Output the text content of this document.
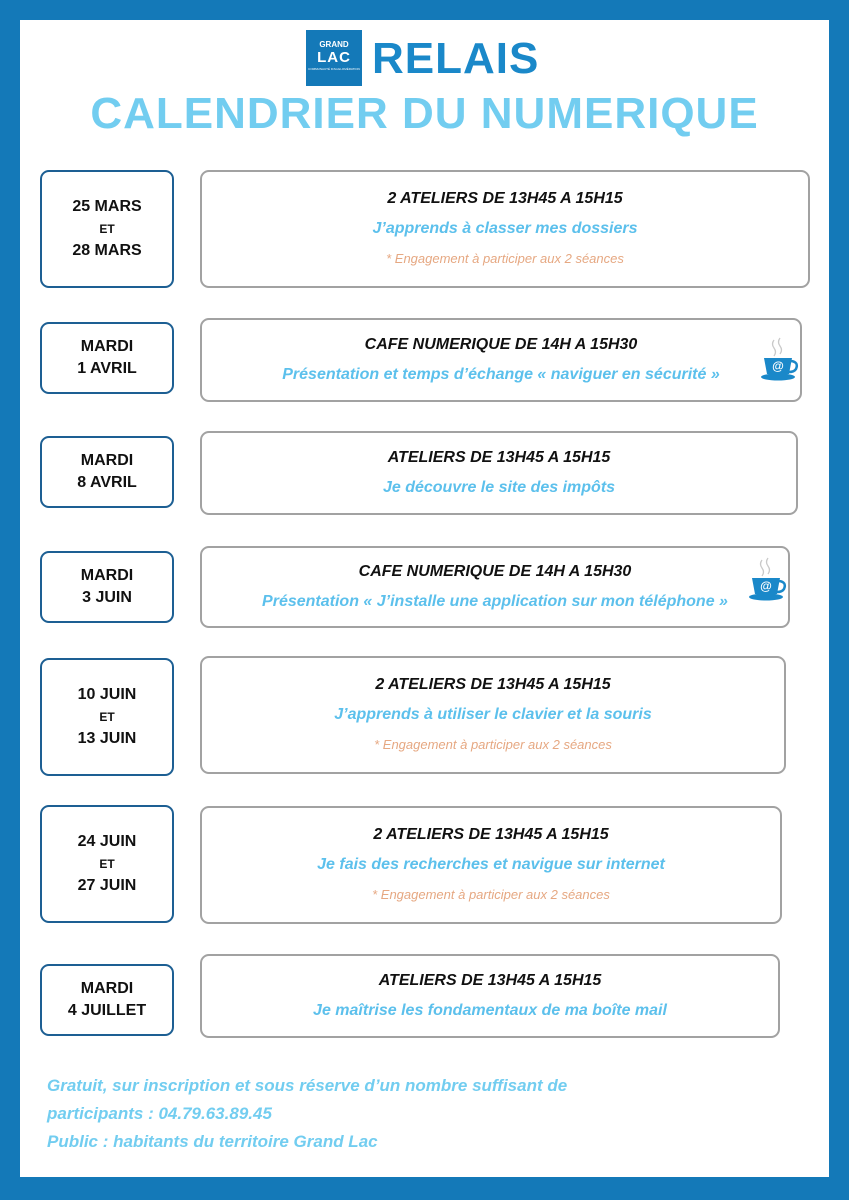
GRAND
LAC
COMMUNAUTÉ D'AGGLOMÉRATION RELAIS
CALENDRIER DU NUMERIQUE
25 MARS
ET
28 MARS
2 ATELIERS DE 13H45 A 15H15
J’apprends à classer mes dossiers
* Engagement à participer aux 2 séances
MARDI
1 AVRIL
CAFE NUMERIQUE DE 14H A 15H30
Présentation et temps d’échange « naviguer en sécurité »	@
MARDI
8 AVRIL
ATELIERS DE 13H45 A 15H15
Je découvre le site des impôts
MARDI
3 JUIN
CAFE NUMERIQUE DE 14H A 15H30
Présentation « J’installe une application sur mon téléphone »
@
10 JUIN
ET
13 JUIN
2 ATELIERS DE 13H45 A 15H15
J’apprends à utiliser le clavier et la souris
* Engagement à participer aux 2 séances
24 JUIN
ET
27 JUIN
2 ATELIERS DE 13H45 A 15H15
Je fais des recherches et navigue sur internet
* Engagement à participer aux 2 séances
MARDI
4 JUILLET
ATELIERS DE 13H45 A 15H15
Je maîtrise les fondamentaux de ma boîte mail
Gratuit, sur inscription et sous réserve d’un nombre suffisant de
participants : 04.79.63.89.45
Public : habitants du territoire Grand Lac
